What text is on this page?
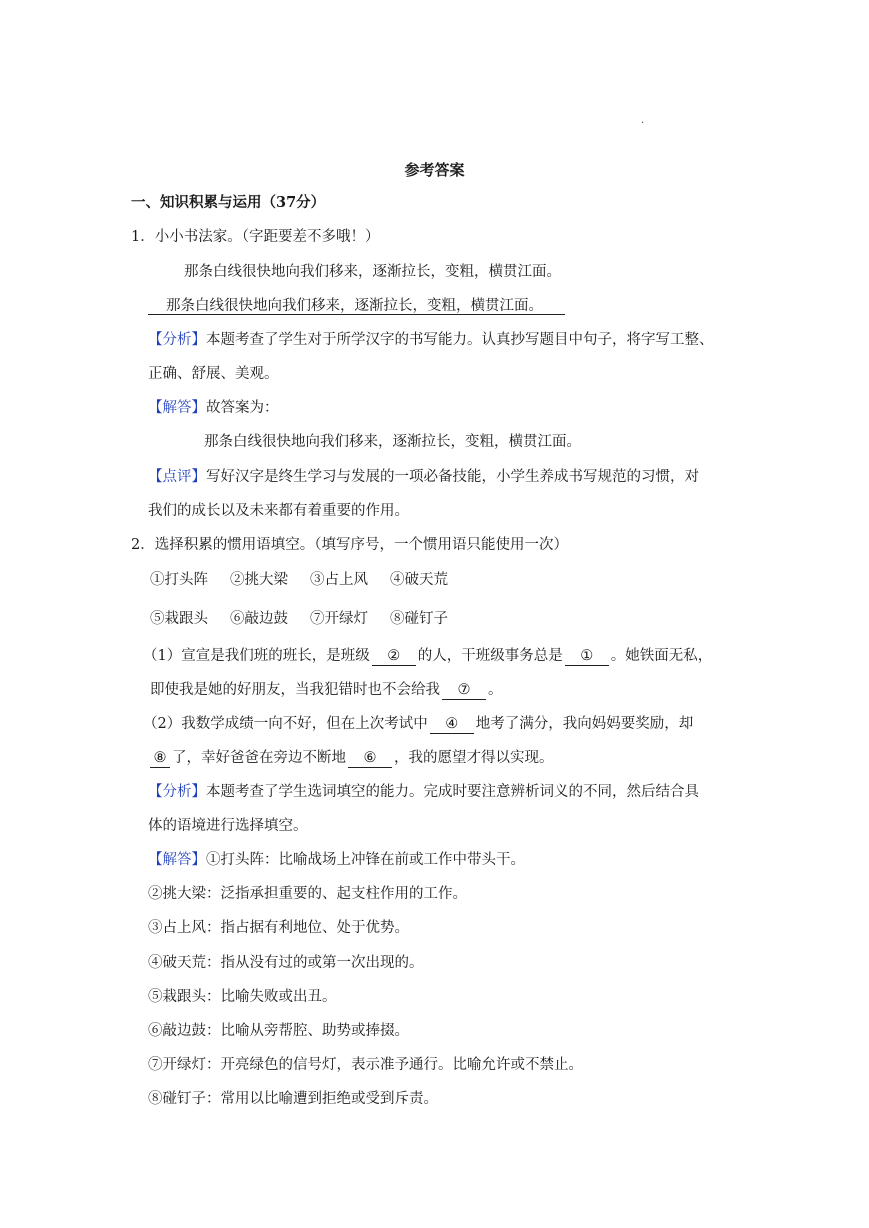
·
参考答案
一、知识积累与运用（37分）
1．小小书法家。（字距要差不多哦！）
那条白线很快地向我们移来，逐渐拉长，变粗，横贯江面。
那条白线很快地向我们移来，逐渐拉长，变粗，横贯江面。
【分析】本题考查了学生对于所学汉字的书写能力。认真抄写题目中句子，将字写工整、
正确、舒展、美观。
【解答】故答案为：
那条白线很快地向我们移来，逐渐拉长，变粗，横贯江面。
【点评】写好汉字是终生学习与发展的一项必备技能，小学生养成书写规范的习惯，对
我们的成长以及未来都有着重要的作用。
2．选择积累的惯用语填空。（填写序号，一个惯用语只能使用一次）
①打头阵 ②挑大梁 ③占上风 ④破天荒
⑤栽跟头 ⑥敲边鼓 ⑦开绿灯 ⑧碰钉子
（1）宣宣是我们班的班长，是班级 ② 的人，干班级事务总是 ① 。她铁面无私，
即使我是她的好朋友，当我犯错时也不会给我 ⑦ 。
（2）我数学成绩一向不好，但在上次考试中 ④ 地考了满分，我向妈妈要奖励，却
⑧ 了，幸好爸爸在旁边不断地 ⑥ ，我的愿望才得以实现。
【分析】本题考查了学生选词填空的能力。完成时要注意辨析词义的不同，然后结合具
体的语境进行选择填空。
【解答】①打头阵：比喻战场上冲锋在前或工作中带头干。
②挑大梁：泛指承担重要的、起支柱作用的工作。
③占上风：指占据有利地位、处于优势。
④破天荒：指从没有过的或第一次出现的。
⑤栽跟头：比喻失败或出丑。
⑥敲边鼓：比喻从旁帮腔、助势或捧掇。
⑦开绿灯：开亮绿色的信号灯，表示准予通行。比喻允许或不禁止。
⑧碰钉子：常用以比喻遭到拒绝或受到斥责。
